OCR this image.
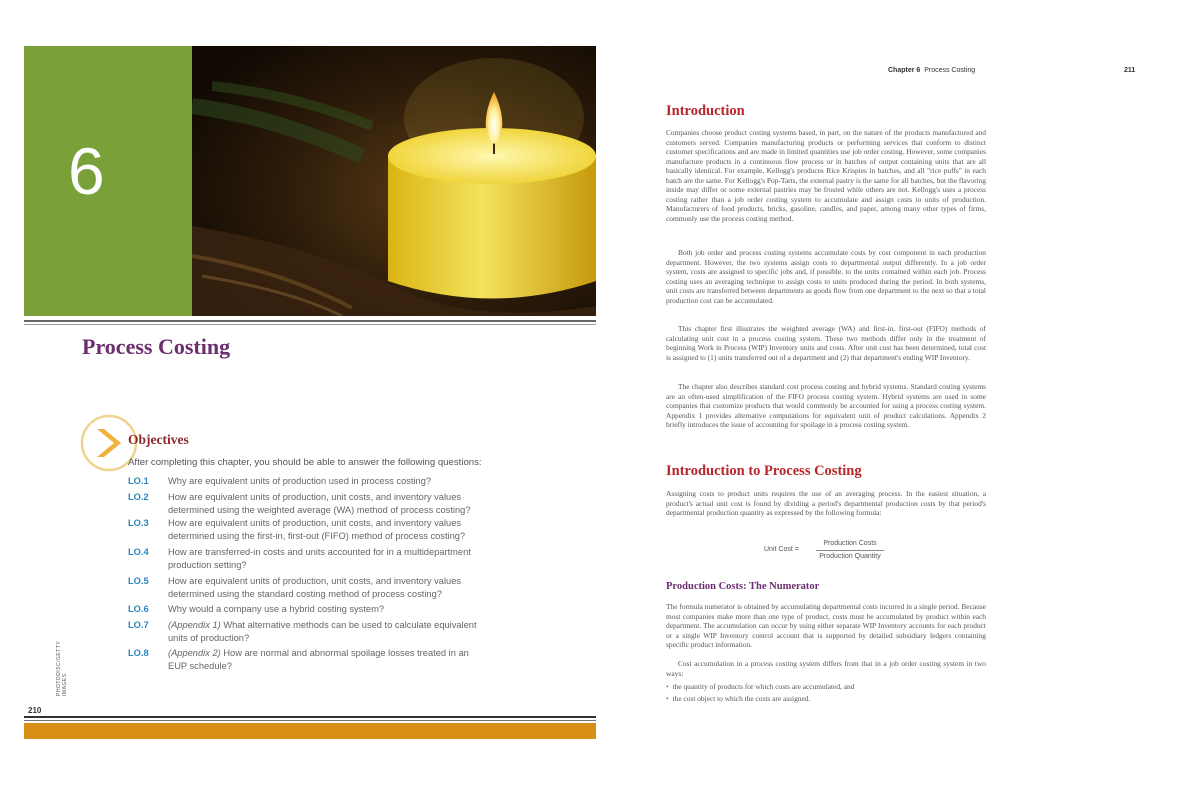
6
Process Costing
Objectives
After completing this chapter, you should be able to answer the following questions:
LO.1 Why are equivalent units of production used in process costing?
LO.2 How are equivalent units of production, unit costs, and inventory values determined using the weighted average (WA) method of process costing?
LO.3 How are equivalent units of production, unit costs, and inventory values determined using the first-in, first-out (FIFO) method of process costing?
LO.4 How are transferred-in costs and units accounted for in a multidepartment production setting?
LO.5 How are equivalent units of production, unit costs, and inventory values determined using the standard costing method of process costing?
LO.6 Why would a company use a hybrid costing system?
LO.7 (Appendix 1) What alternative methods can be used to calculate equivalent units of production?
LO.8 (Appendix 2) How are normal and abnormal spoilage losses treated in an EUP schedule?
PHOTODISC/GETTY IMAGES
210
Chapter 6 Process Costing	211
Introduction
Companies choose product costing systems based, in part, on the nature of the products manufactured and customers served. Companies manufacturing products or performing services that conform to distinct customer specifications and are made in limited quantities use job order costing. However, some companies manufacture products in a continuous flow process or in batches of output containing units that are all basically identical. For example, Kellogg's produces Rice Krispies in batches, and all "rice puffs" in each batch are the same. For Kellogg's Pop-Tarts, the external pastry is the same for all batches, but the flavoring inside may differ or some external pastries may be frosted while others are not. Kellogg's uses a process costing rather than a job order costing system to accumulate and assign costs to units of production. Manufacturers of food products, bricks, gasoline, candles, and paper, among many other types of firms, commonly use the process costing method.
Both job order and process costing systems accumulate costs by cost component in each production department. However, the two systems assign costs to departmental output differently. In a job order system, costs are assigned to specific jobs and, if possible, to the units contained within each job. Process costing uses an averaging technique to assign costs to units produced during the period. In both systems, unit costs are transferred between departments as goods flow from one department to the next so that a total production cost can be accumulated.
This chapter first illustrates the weighted average (WA) and first-in, first-out (FIFO) methods of calculating unit cost in a process costing system. These two methods differ only in the treatment of beginning Work in Process (WIP) Inventory units and costs. After unit cost has been determined, total cost is assigned to (1) units transferred out of a department and (2) that department's ending WIP Inventory.
The chapter also describes standard cost process costing and hybrid systems. Standard costing systems are an often-used simplification of the FIFO process costing system. Hybrid systems are used in some companies that customize products that would commonly be accounted for using a process costing system. Appendix 1 provides alternative computations for equivalent unit of product calculations. Appendix 2 briefly introduces the issue of accounting for spoilage in a process costing system.
Introduction to Process Costing
Assigning costs to product units requires the use of an averaging process. In the easiest situation, a product's actual unit cost is found by dividing a period's departmental production costs by that period's departmental production quantity as expressed by the following formula:
Unit Cost =
Production Costs
Production Quantity
Production Costs: The Numerator
The formula numerator is obtained by accumulating departmental costs incurred in a single period. Because most companies make more than one type of product, costs must be accumulated by product within each department. The accumulation can occur by using either separate WIP Inventory accounts for each product or a single WIP Inventory control account that is supported by detailed subsidiary ledgers containing specific product information.
Cost accumulation in a process costing system differs from that in a job order costing system in two ways:
• the quantity of products for which costs are accumulated, and
• the cost object to which the costs are assigned.
